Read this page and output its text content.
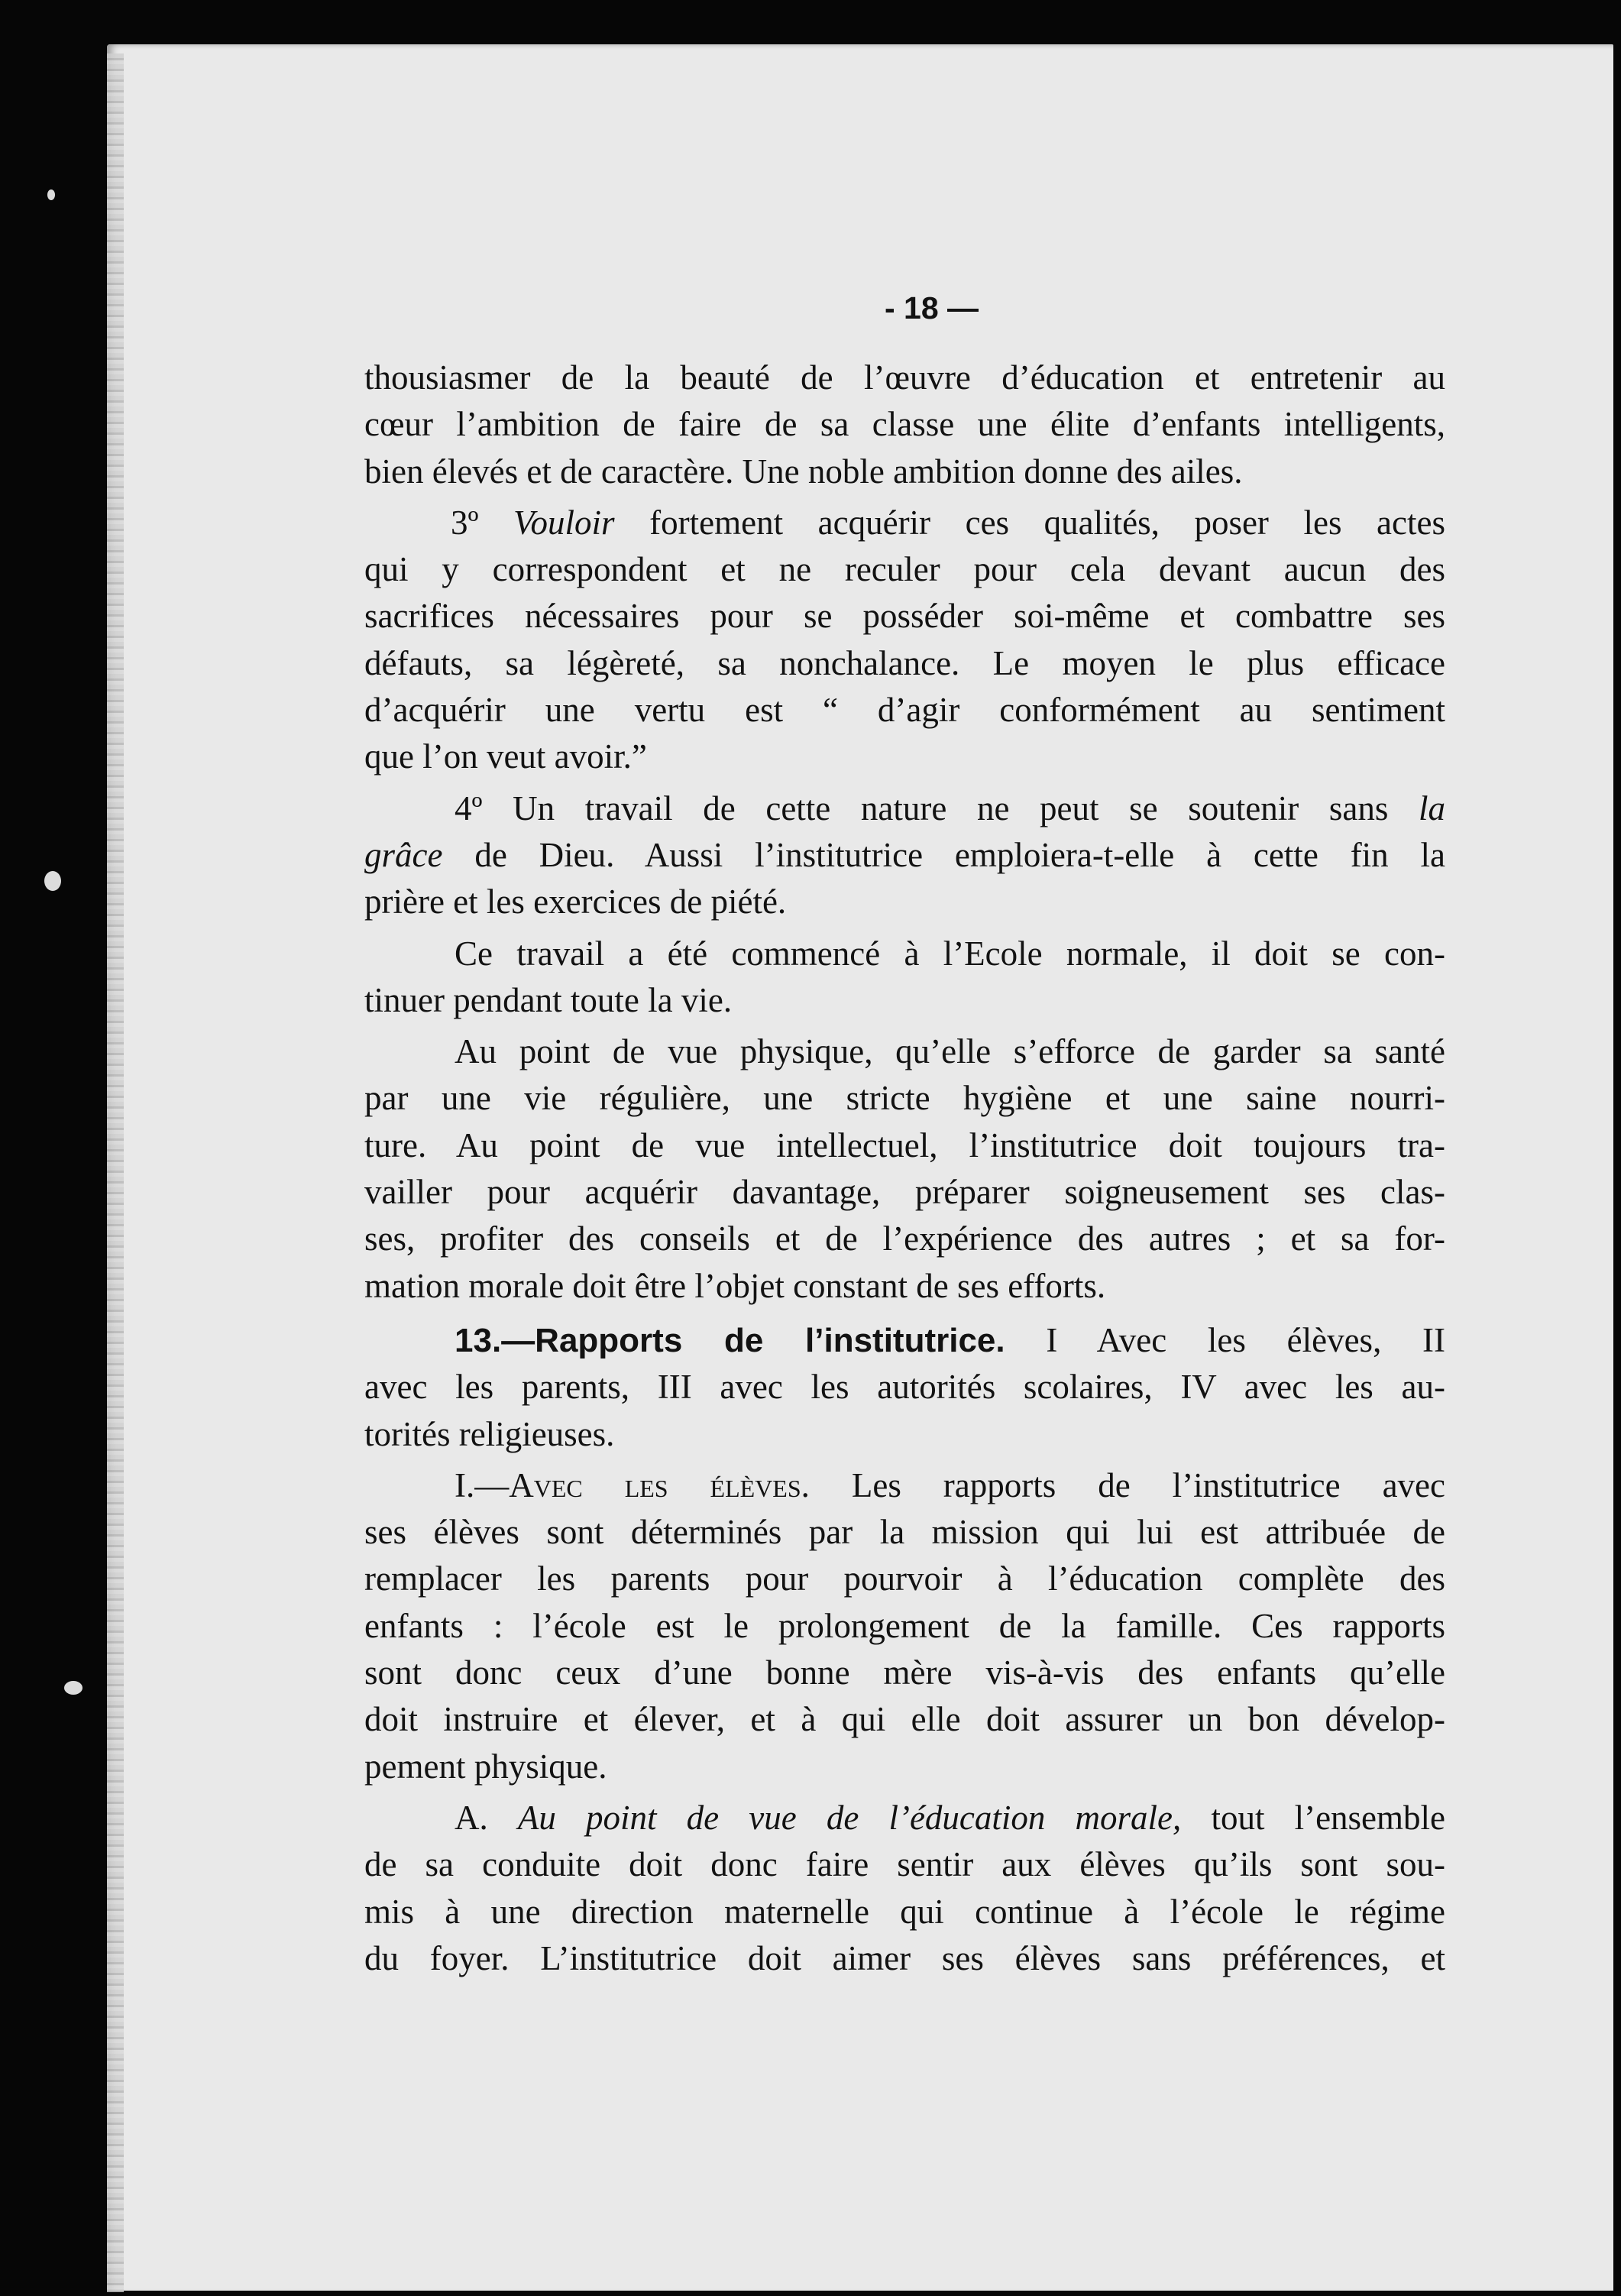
- 18 —
thousiasmer de la beauté de l’œuvre d’éducation et entretenir au
cœur l’ambition de faire de sa classe une élite d’enfants intelligents,
bien élevés et de caractère. Une noble ambition donne des ailes.
3º Vouloir fortement acquérir ces qualités, poser les actes
qui y correspondent et ne reculer pour cela devant aucun des
sacrifices nécessaires pour se posséder soi-même et combattre ses
défauts, sa légèreté, sa nonchalance. Le moyen le plus efficace
d’acquérir une vertu est “ d’agir conformément au sentiment
que l’on veut avoir.”
4º Un travail de cette nature ne peut se soutenir sans la
grâce de Dieu. Aussi l’institutrice emploiera-t-elle à cette fin la
prière et les exercices de piété.
Ce travail a été commencé à l’Ecole normale, il doit se con-
tinuer pendant toute la vie.
Au point de vue physique, qu’elle s’efforce de garder sa santé
par une vie régulière, une stricte hygiène et une saine nourri-
ture. Au point de vue intellectuel, l’institutrice doit toujours tra-
vailler pour acquérir davantage, préparer soigneusement ses clas-
ses, profiter des conseils et de l’expérience des autres ; et sa for-
mation morale doit être l’objet constant de ses efforts.
13.—Rapports de l’institutrice. I Avec les élèves, II
avec les parents, III avec les autorités scolaires, IV avec les au-
torités religieuses.
I.—Avec les élèves. Les rapports de l’institutrice avec
ses élèves sont déterminés par la mission qui lui est attribuée de
remplacer les parents pour pourvoir à l’éducation complète des
enfants : l’école est le prolongement de la famille. Ces rapports
sont donc ceux d’une bonne mère vis-à-vis des enfants qu’elle
doit instruire et élever, et à qui elle doit assurer un bon dévelop-
pement physique.
A. Au point de vue de l’éducation morale, tout l’ensemble
de sa conduite doit donc faire sentir aux élèves qu’ils sont sou-
mis à une direction maternelle qui continue à l’école le régime
du foyer. L’institutrice doit aimer ses élèves sans préférences, et
